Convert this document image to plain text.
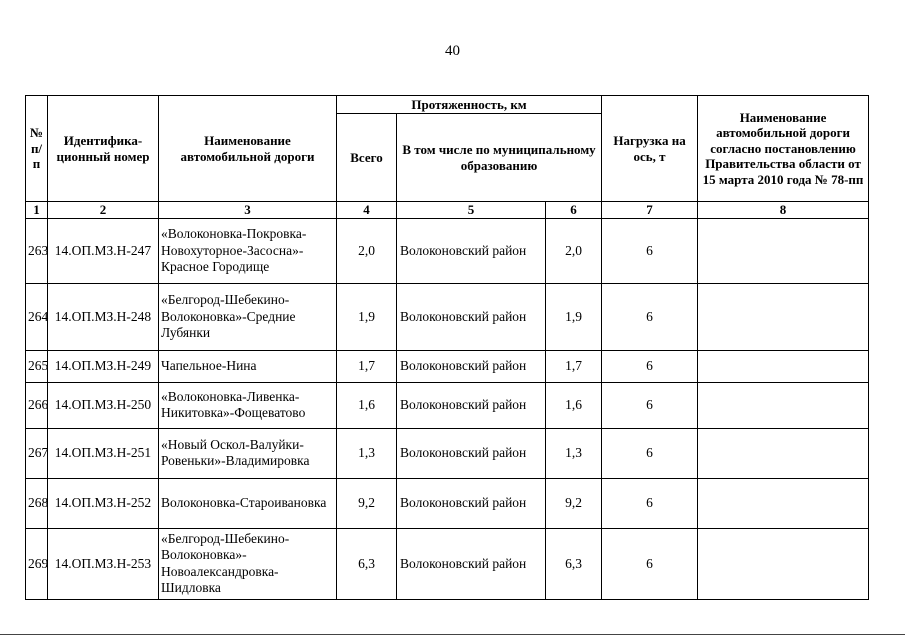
40
№ п/п	Идентифика-ционный номер	Наименование автомобильной дороги	Протяженность, км			Нагрузка на ось, т	Наименование автомобильной дороги согласно постановлению Правительства области от 15 марта 2010 года № 78-пп
			Всего	В том числе по муниципальному образованию			
1	2	3	4	5	6	7	8
263	14.ОП.МЗ.Н-247	«Волоконовка-Покровка-Новохуторное-Засосна»-Красное Городище	2,0	Волоконовский район	2,0	6	
264	14.ОП.МЗ.Н-248	«Белгород-Шебекино-Волоконовка»-Средние Лубянки	1,9	Волоконовский район	1,9	6	
265	14.ОП.МЗ.Н-249	Чапельное-Нина	1,7	Волоконовский район	1,7	6	
266	14.ОП.МЗ.Н-250	«Волоконовка-Ливенка-Никитовка»-Фощеватово	1,6	Волоконовский район	1,6	6	
267	14.ОП.МЗ.Н-251	«Новый Оскол-Валуйки-Ровеньки»-Владимировка	1,3	Волоконовский район	1,3	6	
268	14.ОП.МЗ.Н-252	Волоконовка-Староивановка	9,2	Волоконовский район	9,2	6	
269	14.ОП.МЗ.Н-253	«Белгород-Шебекино-Волоконовка»-Новоалександровка-Шидловка	6,3	Волоконовский район	6,3	6	
